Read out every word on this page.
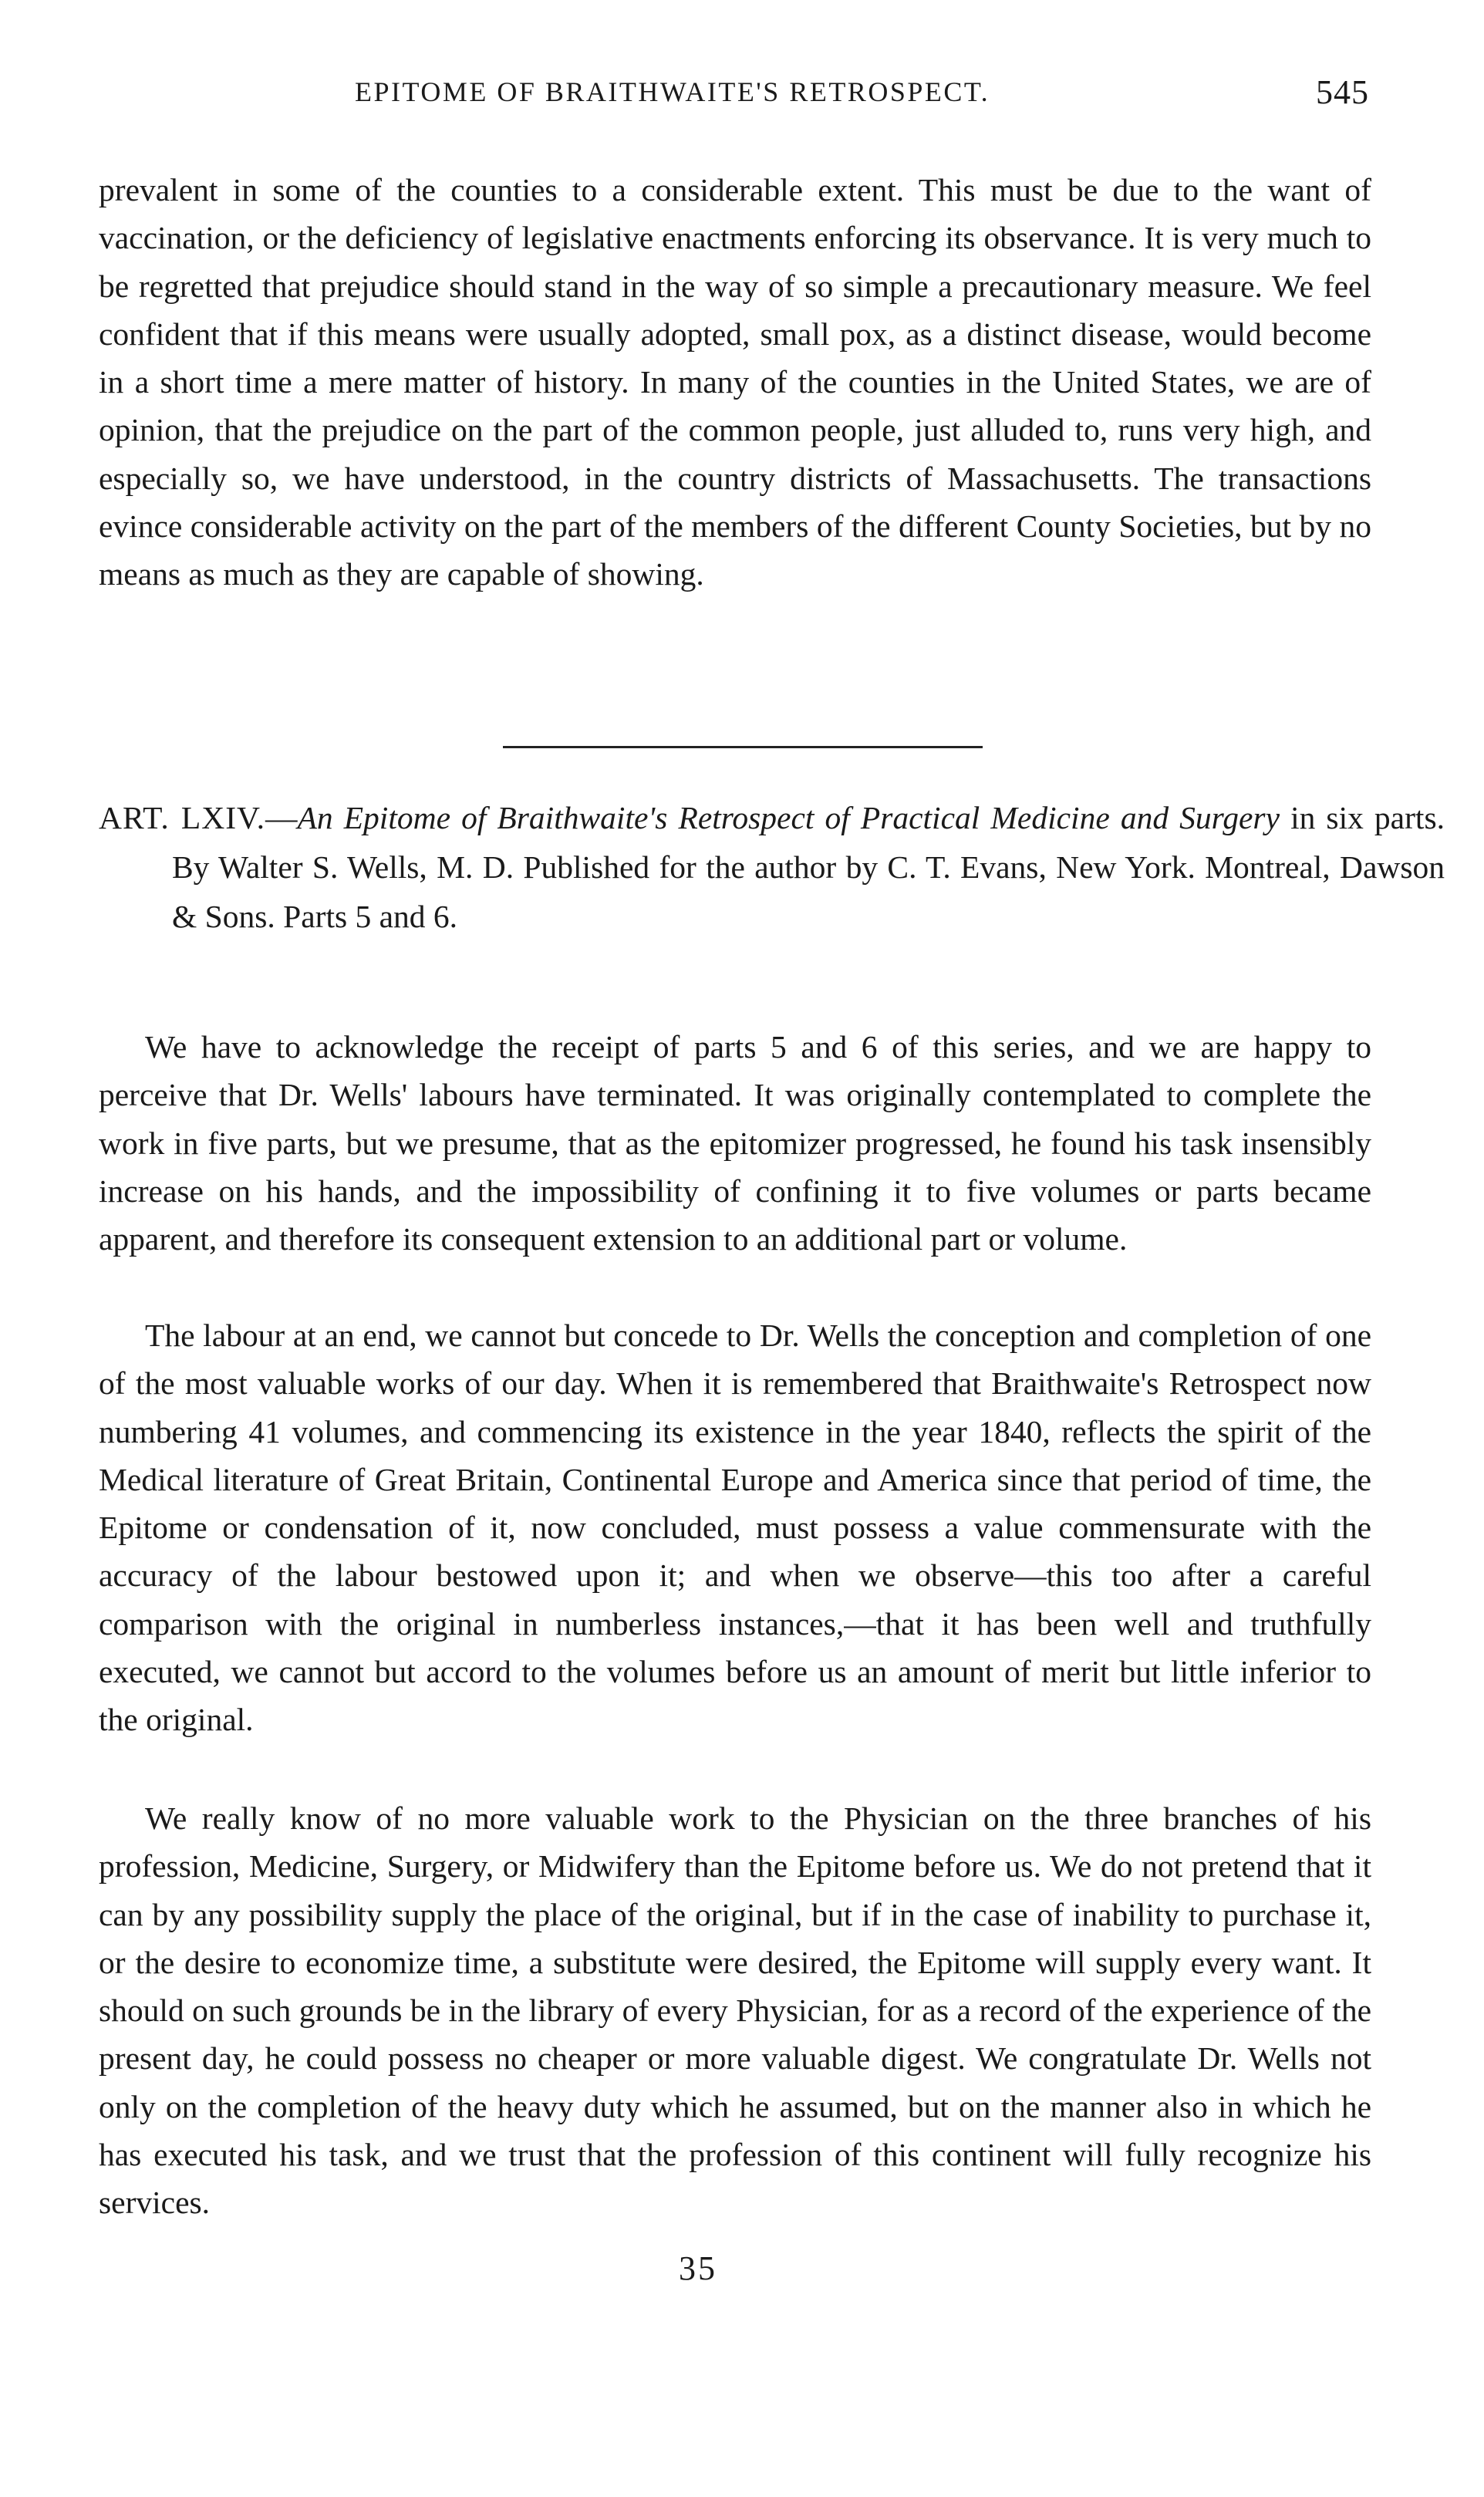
EPITOME OF BRAITHWAITE'S RETROSPECT.	545

prevalent in some of the counties to a considerable extent. This must be due to the want of vaccination, or the deficiency of legislative enactments enforcing its observance. It is very much to be regretted that prejudice should stand in the way of so simple a precautionary measure. We feel confident that if this means were usually adopted, small pox, as a distinct disease, would become in a short time a mere matter of history. In many of the counties in the United States, we are of opinion, that the prejudice on the part of the common people, just alluded to, runs very high, and especially so, we have understood, in the country districts of Massachusetts. The transactions evince considerable activity on the part of the members of the different County Societies, but by no means as much as they are capable of showing.

ART. LXIV.—An Epitome of Braithwaite's Retrospect of Practical Medicine and Surgery in six parts. By Walter S. Wells, M. D. Published for the author by C. T. Evans, New York. Montreal, Dawson & Sons. Parts 5 and 6.

We have to acknowledge the receipt of parts 5 and 6 of this series, and we are happy to perceive that Dr. Wells' labours have terminated. It was originally contemplated to complete the work in five parts, but we presume, that as the epitomizer progressed, he found his task insensibly increase on his hands, and the impossibility of confining it to five volumes or parts became apparent, and therefore its consequent extension to an additional part or volume.

The labour at an end, we cannot but concede to Dr. Wells the conception and completion of one of the most valuable works of our day. When it is remembered that Braithwaite's Retrospect now numbering 41 volumes, and commencing its existence in the year 1840, reflects the spirit of the Medical literature of Great Britain, Continental Europe and America since that period of time, the Epitome or condensation of it, now concluded, must possess a value commensurate with the accuracy of the labour bestowed upon it; and when we observe—this too after a careful comparison with the original in numberless instances,—that it has been well and truthfully executed, we cannot but accord to the volumes before us an amount of merit but little inferior to the original.

We really know of no more valuable work to the Physician on the three branches of his profession, Medicine, Surgery, or Midwifery than the Epitome before us. We do not pretend that it can by any possibility supply the place of the original, but if in the case of inability to purchase it, or the desire to economize time, a substitute were desired, the Epitome will supply every want. It should on such grounds be in the library of every Physician, for as a record of the experience of the present day, he could possess no cheaper or more valuable digest. We congratulate Dr. Wells not only on the completion of the heavy duty which he assumed, but on the manner also in which he has executed his task, and we trust that the profession of this continent will fully recognize his services.

35
